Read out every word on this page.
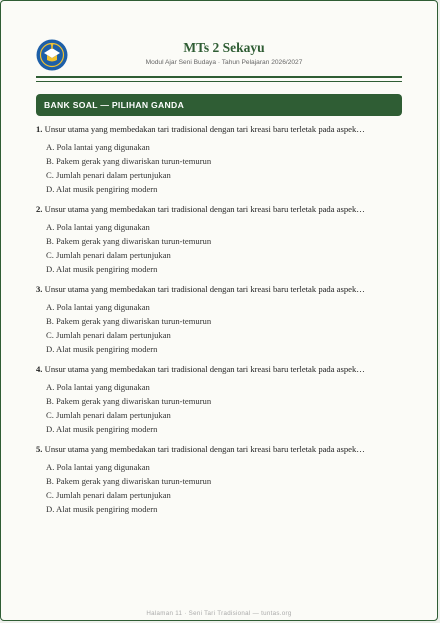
MTs 2 Sekayu
Modul Ajar Seni Budaya · Tahun Pelajaran 2026/2027
BANK SOAL — PILIHAN GANDA
1. Unsur utama yang membedakan tari tradisional dengan tari kreasi baru terletak pada aspek…
A. Pola lantai yang digunakan
B. Pakem gerak yang diwariskan turun-temurun
C. Jumlah penari dalam pertunjukan
D. Alat musik pengiring modern
2. Unsur utama yang membedakan tari tradisional dengan tari kreasi baru terletak pada aspek…
A. Pola lantai yang digunakan
B. Pakem gerak yang diwariskan turun-temurun
C. Jumlah penari dalam pertunjukan
D. Alat musik pengiring modern
3. Unsur utama yang membedakan tari tradisional dengan tari kreasi baru terletak pada aspek…
A. Pola lantai yang digunakan
B. Pakem gerak yang diwariskan turun-temurun
C. Jumlah penari dalam pertunjukan
D. Alat musik pengiring modern
4. Unsur utama yang membedakan tari tradisional dengan tari kreasi baru terletak pada aspek…
A. Pola lantai yang digunakan
B. Pakem gerak yang diwariskan turun-temurun
C. Jumlah penari dalam pertunjukan
D. Alat musik pengiring modern
5. Unsur utama yang membedakan tari tradisional dengan tari kreasi baru terletak pada aspek…
A. Pola lantai yang digunakan
B. Pakem gerak yang diwariskan turun-temurun
C. Jumlah penari dalam pertunjukan
D. Alat musik pengiring modern
Halaman 11 · Seni Tari Tradisional — tuntas.org
